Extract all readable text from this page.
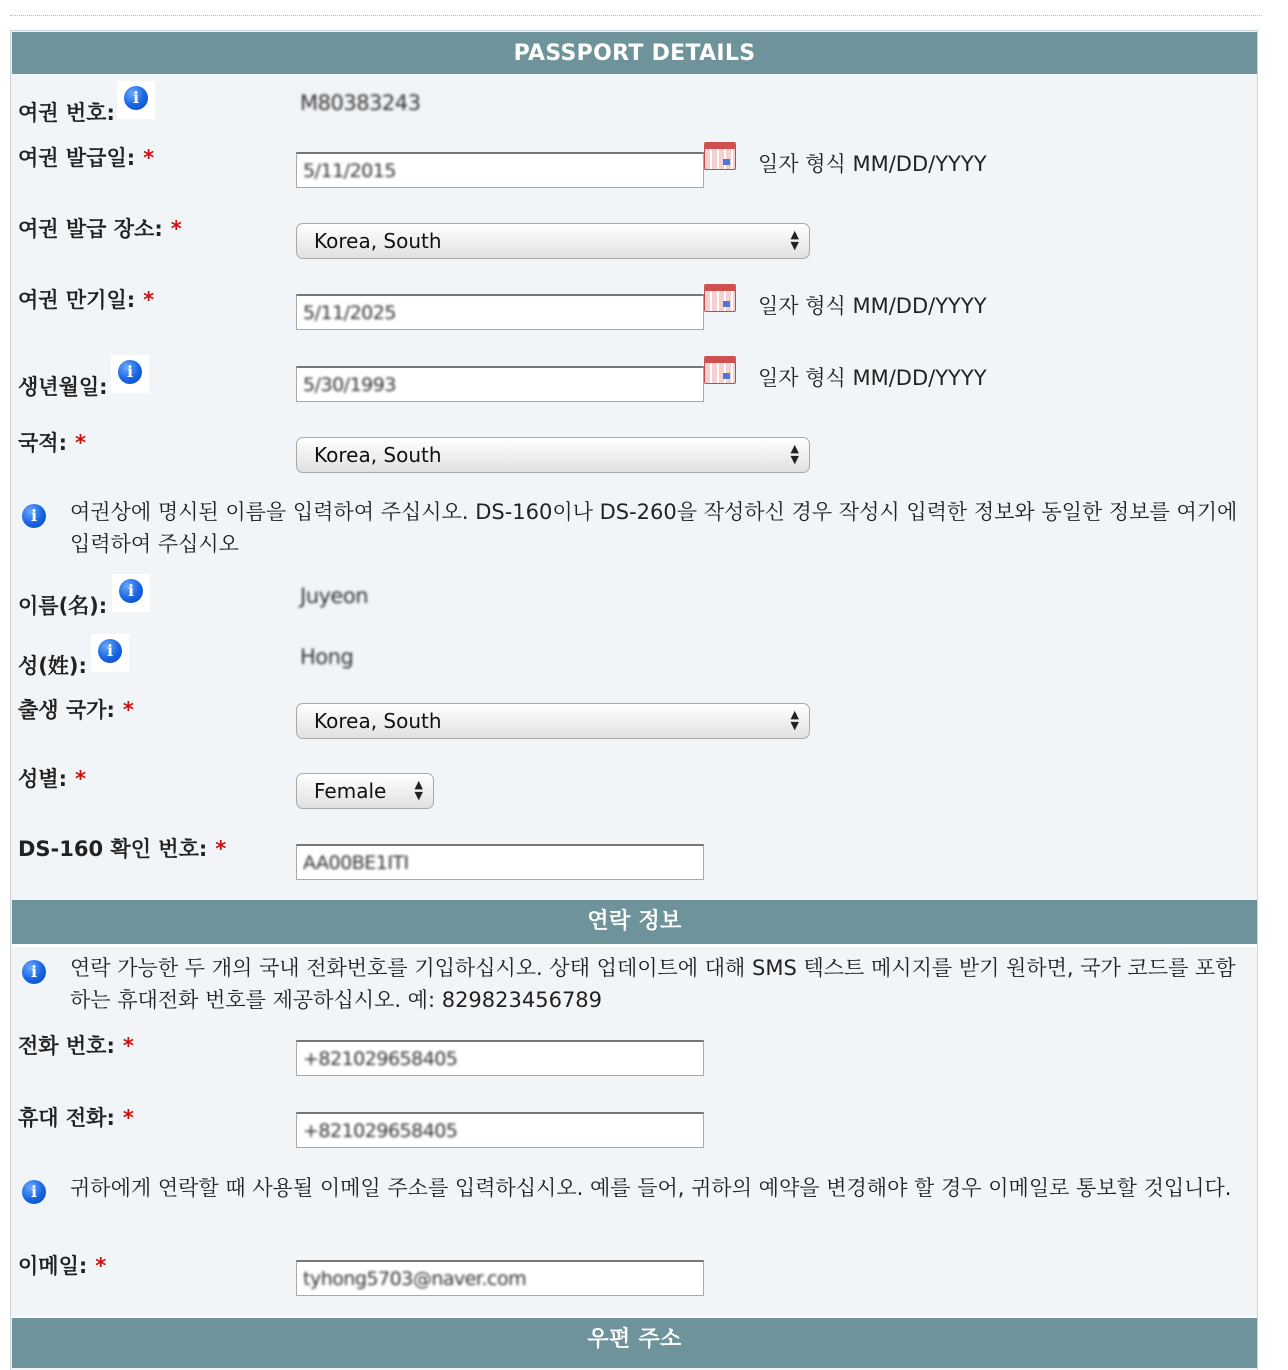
PASSPORT DETAILS
여권 번호:
i	M80383243
여권 발급일: *
5/11/2015	일자 형식 MM/DD/YYYY
여권 발급 장소: *	Korea, South	▲
▼
여권 만기일: *
5/11/2025	일자 형식 MM/DD/YYYY
생년월일:
i
5/30/1993	일자 형식 MM/DD/YYYY
국적: *	Korea, South	▲
▼
i	여권상에 명시된 이름을 입력하여 주십시오. DS-160이나 DS-260을 작성하신 경우 작성시 입력한 정보와 동일한 정보를 여기에 입력하여 주십시오
이름(名):
i	Juyeon
성(姓):
i	Hong
출생 국가: *	Korea, South	▲
▼
성별: *	Female	▲
▼
DS-160 확인 번호: *
AA00BE1ITI
연락 정보
i	연락 가능한 두 개의 국내 전화번호를 기입하십시오. 상태 업데이트에 대해 SMS 텍스트 메시지를 받기 원하면, 국가 코드를 포함하는 휴대전화 번호를 제공하십시오. 예: 829823456789
전화 번호: *
+821029658405
휴대 전화: *
+821029658405
i	귀하에게 연락할 때 사용될 이메일 주소를 입력하십시오. 예를 들어, 귀하의 예약을 변경해야 할 경우 이메일로 통보할 것입니다.
이메일: *
tyhong5703@naver.com
우편 주소
